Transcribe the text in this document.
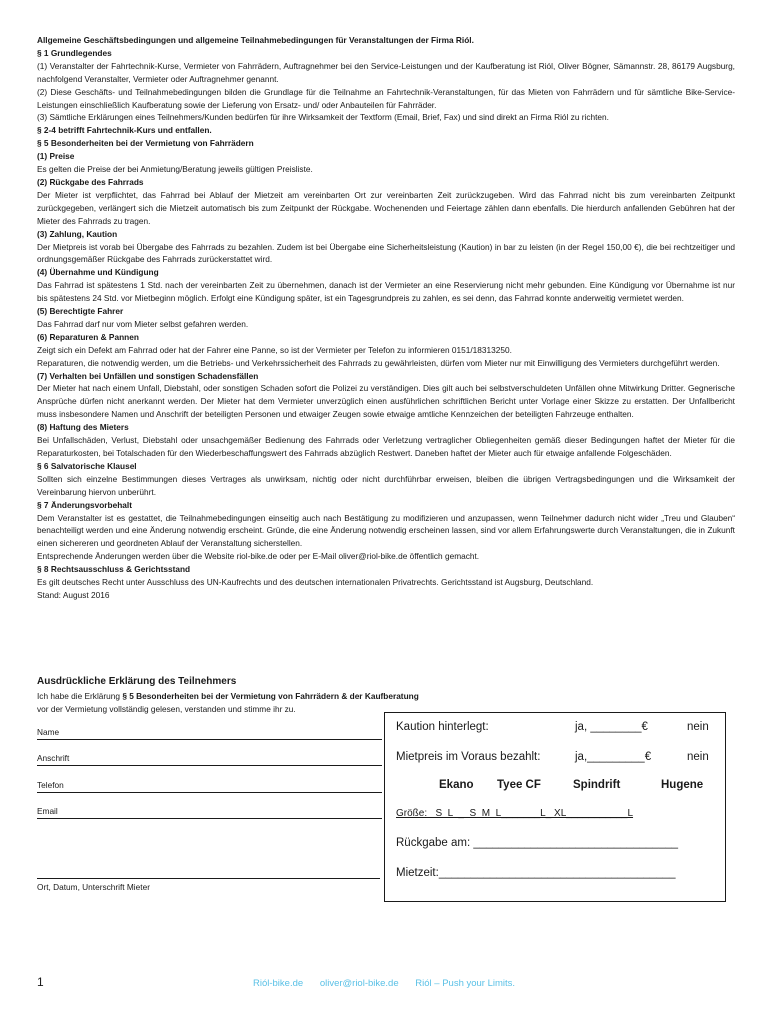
Allgemeine Geschäftsbedingungen und allgemeine Teilnahmebedingungen für Veranstaltungen der Firma Riól.

§ 1 Grundlegendes

(1) Veranstalter der Fahrtechnik-Kurse, Vermieter von Fahrrädern, Auftragnehmer bei den Service-Leistungen und der Kaufberatung ist Riól, Oliver Bögner, Sämannstr. 28, 86179 Augsburg, nachfolgend Veranstalter, Vermieter oder Auftragnehmer genannt.

(2) Diese Geschäfts- und Teilnahmebedingungen bilden die Grundlage für die Teilnahme an Fahrtechnik-Veranstaltungen, für das Mieten von Fahrrädern und für sämtliche Bike-Service-Leistungen einschließlich Kaufberatung sowie der Lieferung von Ersatz- und/ oder Anbauteilen für Fahrräder.

(3) Sämtliche Erklärungen eines Teilnehmers/Kunden bedürfen für ihre Wirksamkeit der Textform (Email, Brief, Fax) und sind direkt an Firma Riól zu richten.

§ 2-4 betrifft Fahrtechnik-Kurs und entfallen.

§ 5 Besonderheiten bei der Vermietung von Fahrrädern

(1) Preise

Es gelten die Preise der bei Anmietung/Beratung jeweils gültigen Preisliste.

(2) Rückgabe des Fahrrads

Der Mieter ist verpflichtet, das Fahrrad bei Ablauf der Mietzeit am vereinbarten Ort zur vereinbarten Zeit zurückzugeben. Wird das Fahrrad nicht bis zum vereinbarten Zeitpunkt zurückgegeben, verlängert sich die Mietzeit automatisch bis zum Zeitpunkt der Rückgabe. Wochenenden und Feiertage zählen dann ebenfalls. Die hierdurch anfallenden Gebühren hat der Mieter des Fahrrads zu tragen.

(3) Zahlung, Kaution

Der Mietpreis ist vorab bei Übergabe des Fahrrads zu bezahlen. Zudem ist bei Übergabe eine Sicherheitsleistung (Kaution) in bar zu leisten (in der Regel 150,00 €), die bei rechtzeitiger und ordnungsgemäßer Rückgabe des Fahrrads zurückerstattet wird.

(4) Übernahme und Kündigung

Das Fahrrad ist spätestens 1 Std. nach der vereinbarten Zeit zu übernehmen, danach ist der Vermieter an eine Reservierung nicht mehr gebunden. Eine Kündigung vor Übernahme ist nur bis spätestens 24 Std. vor Mietbeginn möglich. Erfolgt eine Kündigung später, ist ein Tagesgrundpreis zu zahlen, es sei denn, das Fahrrad konnte anderweitig vermietet werden.

(5) Berechtigte Fahrer

Das Fahrrad darf nur vom Mieter selbst gefahren werden.

(6) Reparaturen & Pannen

Zeigt sich ein Defekt am Fahrrad oder hat der Fahrer eine Panne, so ist der Vermieter per Telefon zu informieren 0151/18313250.

Reparaturen, die notwendig werden, um die Betriebs- und Verkehrssicherheit des Fahrrads zu gewährleisten, dürfen vom Mieter nur mit Einwilligung des Vermieters durchgeführt werden.

(7) Verhalten bei Unfällen und sonstigen Schadensfällen

Der Mieter hat nach einem Unfall, Diebstahl, oder sonstigen Schaden sofort die Polizei zu verständigen. Dies gilt auch bei selbstverschuldeten Unfällen ohne Mitwirkung Dritter. Gegnerische Ansprüche dürfen nicht anerkannt werden. Der Mieter hat dem Vermieter unverzüglich einen ausführlichen schriftlichen Bericht unter Vorlage einer Skizze zu erstatten. Der Unfallbericht muss insbesondere Namen und Anschrift der beteiligten Personen und etwaiger Zeugen sowie etwaige amtliche Kennzeichen der beteiligten Fahrzeuge enthalten.

(8) Haftung des Mieters

Bei Unfallschäden, Verlust, Diebstahl oder unsachgemäßer Bedienung des Fahrrads oder Verletzung vertraglicher Obliegenheiten gemäß dieser Bedingungen haftet der Mieter für die Reparaturkosten, bei Totalschaden für den Wiederbeschaffungswert des Fahrrads abzüglich Restwert. Daneben haftet der Mieter auch für etwaige anfallende Folgeschäden.

§ 6 Salvatorische Klausel

Sollten sich einzelne Bestimmungen dieses Vertrages als unwirksam, nichtig oder nicht durchführbar erweisen, bleiben die übrigen Vertragsbedingungen und die Wirksamkeit der Vereinbarung hiervon unberührt.

§ 7 Änderungsvorbehalt

Dem Veranstalter ist es gestattet, die Teilnahmebedingungen einseitig auch nach Bestätigung zu modifizieren und anzupassen, wenn Teilnehmer dadurch nicht wider „Treu und Glauben“ benachteiligt werden und eine Änderung notwendig erscheint. Gründe, die eine Änderung notwendig erscheinen lassen, sind vor allem Erfahrungswerte durch Veranstaltungen, die in Zukunft einen sichereren und geordneten Ablauf der Veranstaltung sicherstellen.

Entsprechende Änderungen werden über die Website riol-bike.de oder per E-Mail oliver@riol-bike.de öffentlich gemacht.

§ 8 Rechtsausschluss & Gerichtsstand

Es gilt deutsches Recht unter Ausschluss des UN-Kaufrechts und des deutschen internationalen Privatrechts. Gerichtsstand ist Augsburg, Deutschland.

Stand: August 2016

Ausdrückliche Erklärung des Teilnehmers

Ich habe die Erklärung § 5 Besonderheiten bei der Vermietung von Fahrrädern & der Kaufberatung

vor der Vermietung vollständig gelesen, verstanden und stimme ihr zu.

Name
Anschrift
Telefon
Email
Ort, Datum, Unterschrift Mieter
Kaution hinterlegt:	ja, ________€	nein
Mietpreis im Voraus bezahlt:	ja,_________€	nein
Ekano Tyee CF	Spindrift	Hugene
Größe:   S  L  _  S  M  L_______L_ XL___________L
Rückgabe am: ________________________________
Mietzeit:_____________________________________
1	Riól-bike.de oliver@riol-bike.de Riól – Push your Limits.
